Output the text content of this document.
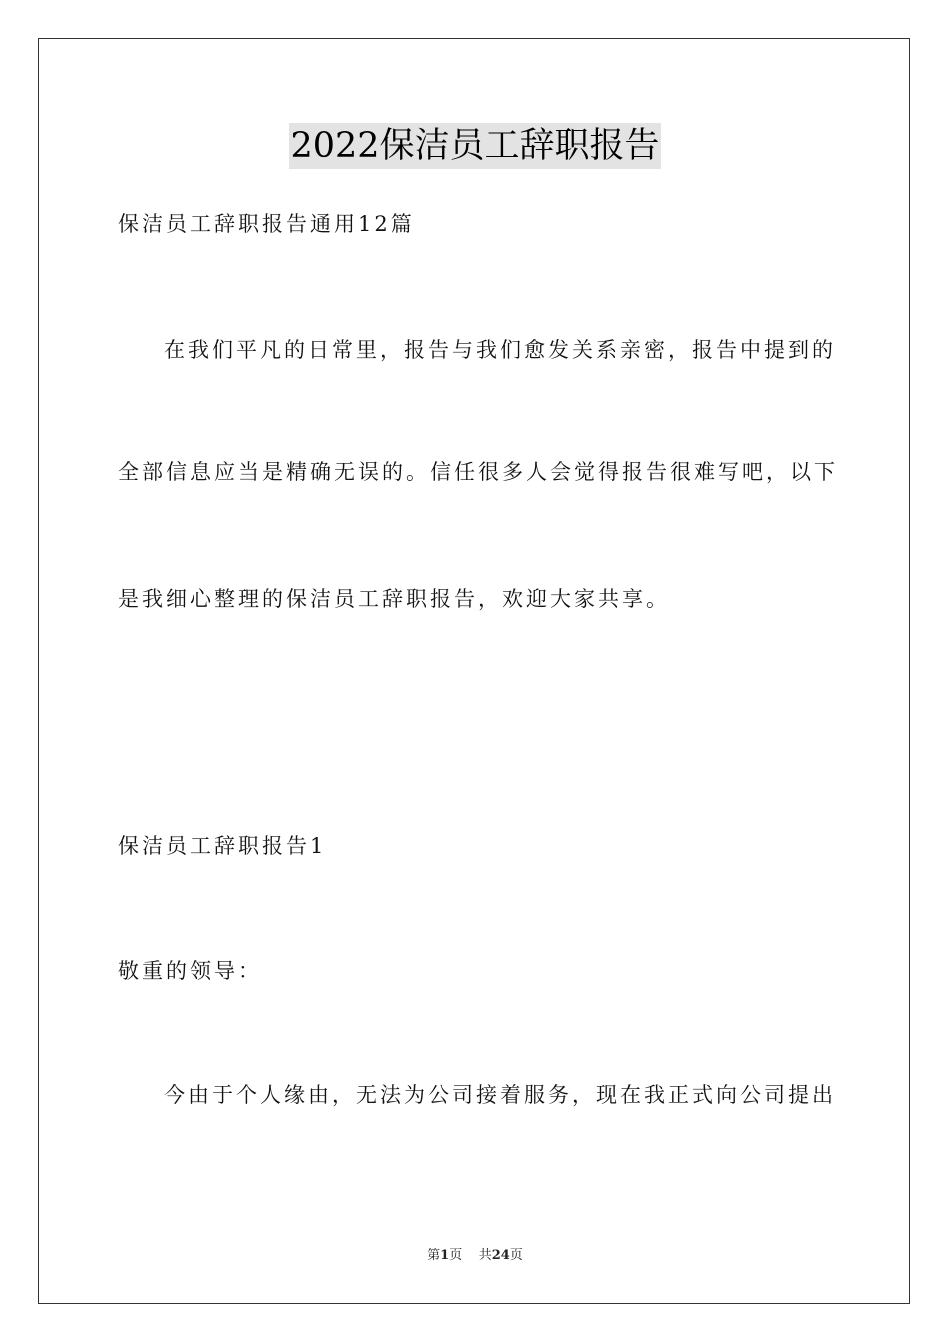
2022保洁员工辞职报告
保洁员工辞职报告通用12篇
在我们平凡的日常里，报告与我们愈发关系亲密，报告中提到的
全部信息应当是精确无误的。信任很多人会觉得报告很难写吧，以下
是我细心整理的保洁员工辞职报告，欢迎大家共享。
保洁员工辞职报告1
敬重的领导：
今由于个人缘由，无法为公司接着服务，现在我正式向公司提出
第1页 共24页
